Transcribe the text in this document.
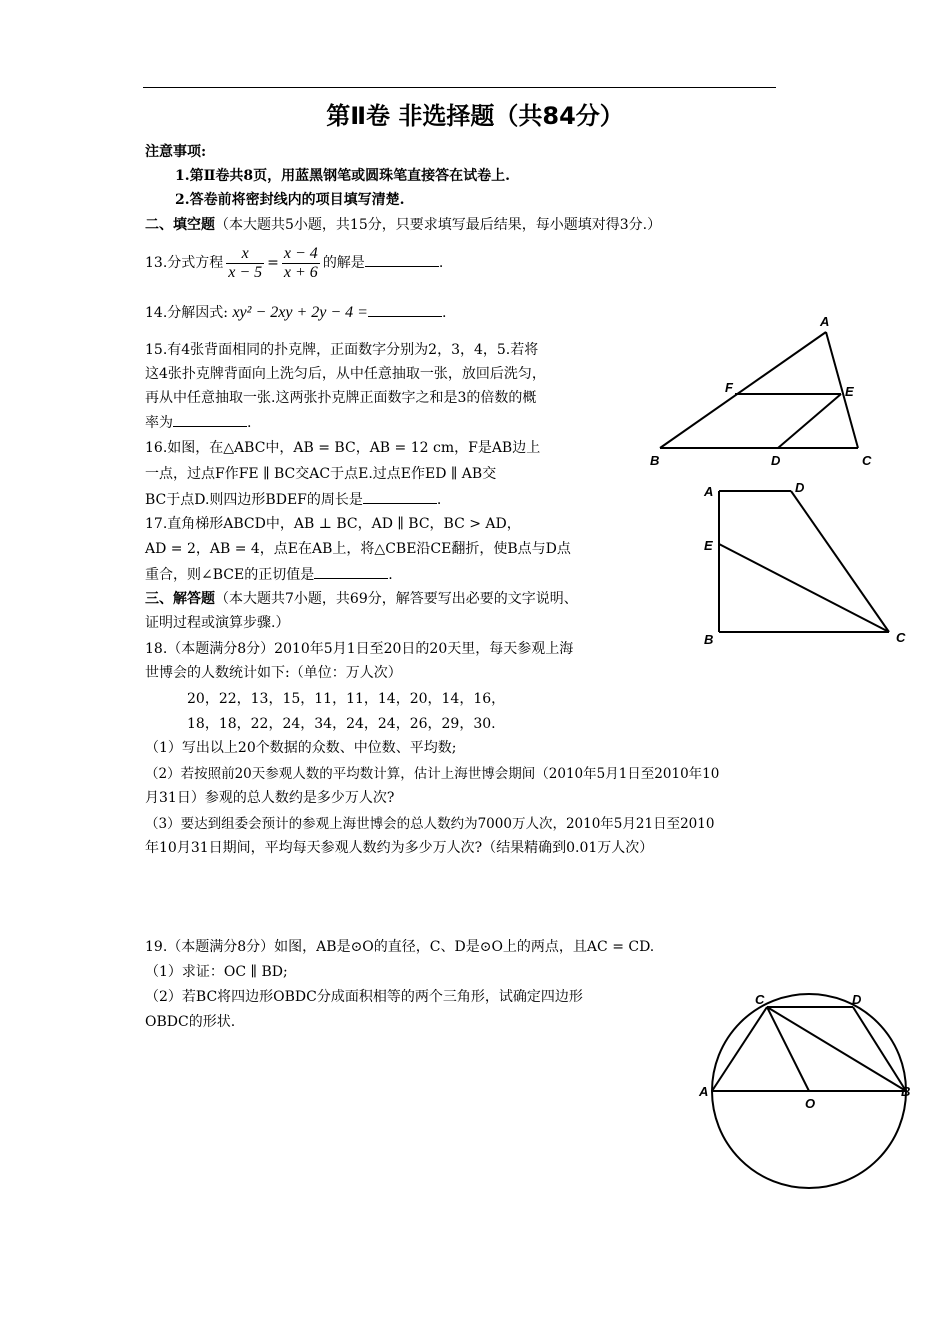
第Ⅱ卷 非选择题（共84分）
注意事项:
1.第Ⅱ卷共8页，用蓝黑钢笔或圆珠笔直接答在试卷上.
2.答卷前将密封线内的项目填写清楚.
二、填空题（本大题共5小题，共15分，只要求填写最后结果，每小题填对得3分.）
13.分式方程 $\frac{x}{x - 5} = \frac{x - 4}{x + 6}$ 的解是	.
14.分解因式: xy² − 2xy + 2y − 4 =	.
15.有4张背面相同的扑克牌，正面数字分别为2，3，4，5.若将
这4张扑克牌背面向上洗匀后，从中任意抽取一张，放回后洗匀，
再从中任意抽取一张.这两张扑克牌正面数字之和是3的倍数的概
率为	.
16.如图，在△ABC中，AB = BC，AB = 12 cm，F是AB边上
一点，过点F作FE ∥ BC交AC于点E.过点E作ED ∥ AB交
BC于点D.则四边形BDEF的周长是	.
17.直角梯形ABCD中，AB ⊥ BC，AD ∥ BC，BC > AD，
AD = 2，AB = 4，点E在AB上，将△CBE沿CE翻折，使B点与D点
重合，则∠BCE的正切值是	.
三、解答题（本大题共7小题，共69分，解答要写出必要的文字说明、
证明过程或演算步骤.）
18.（本题满分8分）2010年5月1日至20日的20天里，每天参观上海
世博会的人数统计如下:（单位：万人次）
20，22，13，15，11，11，14，20，14，16，
18，18，22，24，34，24，24，26，29，30.
（1）写出以上20个数据的众数、中位数、平均数;
（2）若按照前20天参观人数的平均数计算，估计上海世博会期间（2010年5月1日至2010年10
月31日）参观的总人数约是多少万人次?
（3）要达到组委会预计的参观上海世博会的总人数约为7000万人次，2010年5月21日至2010
年10月31日期间，平均每天参观人数约为多少万人次?（结果精确到0.01万人次）
19.（本题满分8分）如图，AB是⊙O的直径，C、D是⊙O上的两点，且AC = CD.
（1）求证：OC ∥ BD;
（2）若BC将四边形OBDC分成面积相等的两个三角形，试确定四边形
OBDC的形状.
A
B	C
D
E
F
A
B	C
D
E
A	B
C	D
O
